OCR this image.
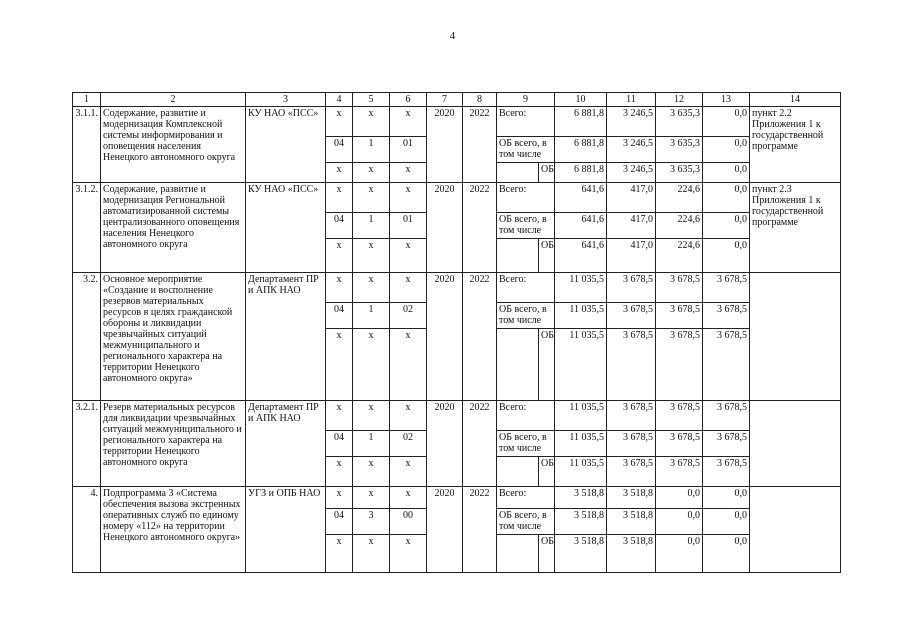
4
1	2	3	4	5	6	7	8	9		10	11	12	13	14
3.1.1.	Содержание, развитие и модернизация Комплексной системы информирования и оповещения населения Ненецкого автономного округа	КУ НАО «ПСС»	x	x	x	2020	2022	Всего:		6 881,8	3 246,5	3 635,3	0,0	пункт 2.2 Приложения 1 к государственной программе
			04	1	01			ОБ всего, в том числе		6 881,8	3 246,5	3 635,3	0,0	
			x	x	x				ОБ	6 881,8	3 246,5	3 635,3	0,0	
3.1.2.	Содержание, развитие и модернизация Региональной автоматизированной системы централизованного оповещения населения Ненецкого автономного округа	КУ НАО «ПСС»	x	x	x	2020	2022	Всего:		641,6	417,0	224,6	0,0	пункт 2.3 Приложения 1 к государственной программе
			04	1	01			ОБ всего, в том числе		641,6	417,0	224,6	0,0	
			x	x	x				ОБ	641,6	417,0	224,6	0,0	
3.2.	Основное мероприятие «Создание и восполнение резервов материальных ресурсов в целях гражданской обороны и ликвидации чрезвычайных ситуаций межмуниципального и регионального характера на территории Ненецкого автономного округа»	Департамент ПР и АПК НАО	x	x	x	2020	2022	Всего:		11 035,5	3 678,5	3 678,5	3 678,5	
			04	1	02			ОБ всего, в том числе		11 035,5	3 678,5	3 678,5	3 678,5	
			x	x	x				ОБ	11 035,5	3 678,5	3 678,5	3 678,5	
3.2.1.	Резерв материальных ресурсов для ликвидации чрезвычайных ситуаций межмуниципального и регионального характера на территории Ненецкого автономного округа	Департамент ПР и АПК НАО	x	x	x	2020	2022	Всего:		11 035,5	3 678,5	3 678,5	3 678,5	
			04	1	02			ОБ всего, в том числе		11 035,5	3 678,5	3 678,5	3 678,5	
			x	x	x				ОБ	11 035,5	3 678,5	3 678,5	3 678,5	
4.	Подпрограмма 3 «Система обеспечения вызова экстренных оперативных служб по единому номеру «112» на территории Ненецкого автономного округа»	УГЗ и ОПБ НАО	x	x	x	2020	2022	Всего:		3 518,8	3 518,8	0,0	0,0	
			04	3	00			ОБ всего, в том числе		3 518,8	3 518,8	0,0	0,0	
			x	x	x				ОБ	3 518,8	3 518,8	0,0	0,0	
